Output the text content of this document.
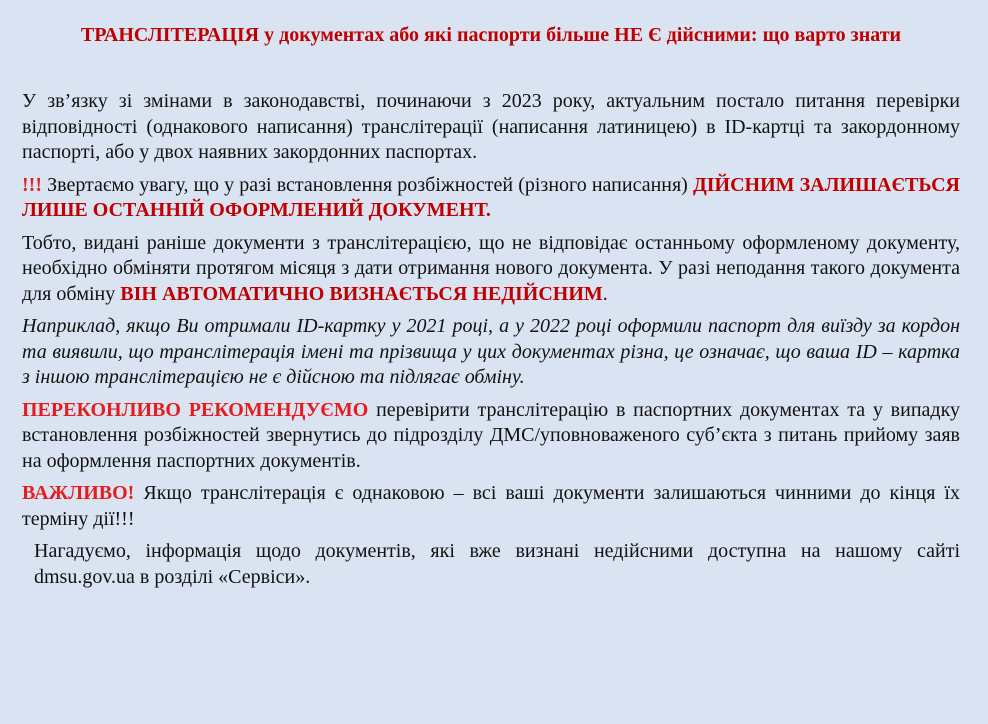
ТРАНСЛІТЕРАЦІЯ у документах або які паспорти більше НЕ Є дійсними: що варто знати

У зв’язку зі змінами в законодавстві, починаючи з 2023 року, актуальним постало питання перевірки відповідності (однакового написання) транслітерації (написання латиницею) в ID-картці та закордонному паспорті, або у двох наявних закордонних паспортах.

!!! Звертаємо увагу, що у разі встановлення розбіжностей (різного написання) ДІЙСНИМ ЗАЛИШАЄТЬСЯ ЛИШЕ ОСТАННІЙ ОФОРМЛЕНИЙ ДОКУМЕНТ.

Тобто, видані раніше документи з транслітерацією, що не відповідає останньому оформленому документу, необхідно обміняти протягом місяця з дати отримання нового документа. У разі неподання такого документа для обміну ВІН АВТОМАТИЧНО ВИЗНАЄТЬСЯ НЕДІЙСНИМ.

Наприклад, якщо Ви отримали ID-картку у 2021 році, а у 2022 році оформили паспорт для виїзду за кордон та виявили, що транслітерація імені та прізвища у цих документах різна, це означає, що ваша ID – картка з іншою транслітерацією не є дійсною та підлягає обміну.

ПЕРЕКОНЛИВО РЕКОМЕНДУЄМО перевірити транслітерацію в паспортних документах та у випадку встановлення розбіжностей звернутись до підрозділу ДМС/уповноваженого суб’єкта з питань прийому заяв на оформлення паспортних документів.

ВАЖЛИВО! Якщо транслітерація є однаковою – всі ваші документи залишаються чинними до кінця їх терміну дії!!!

Нагадуємо, інформація щодо документів, які вже визнані недійсними доступна на нашому сайті dmsu.gov.ua в розділі «Сервіси».
